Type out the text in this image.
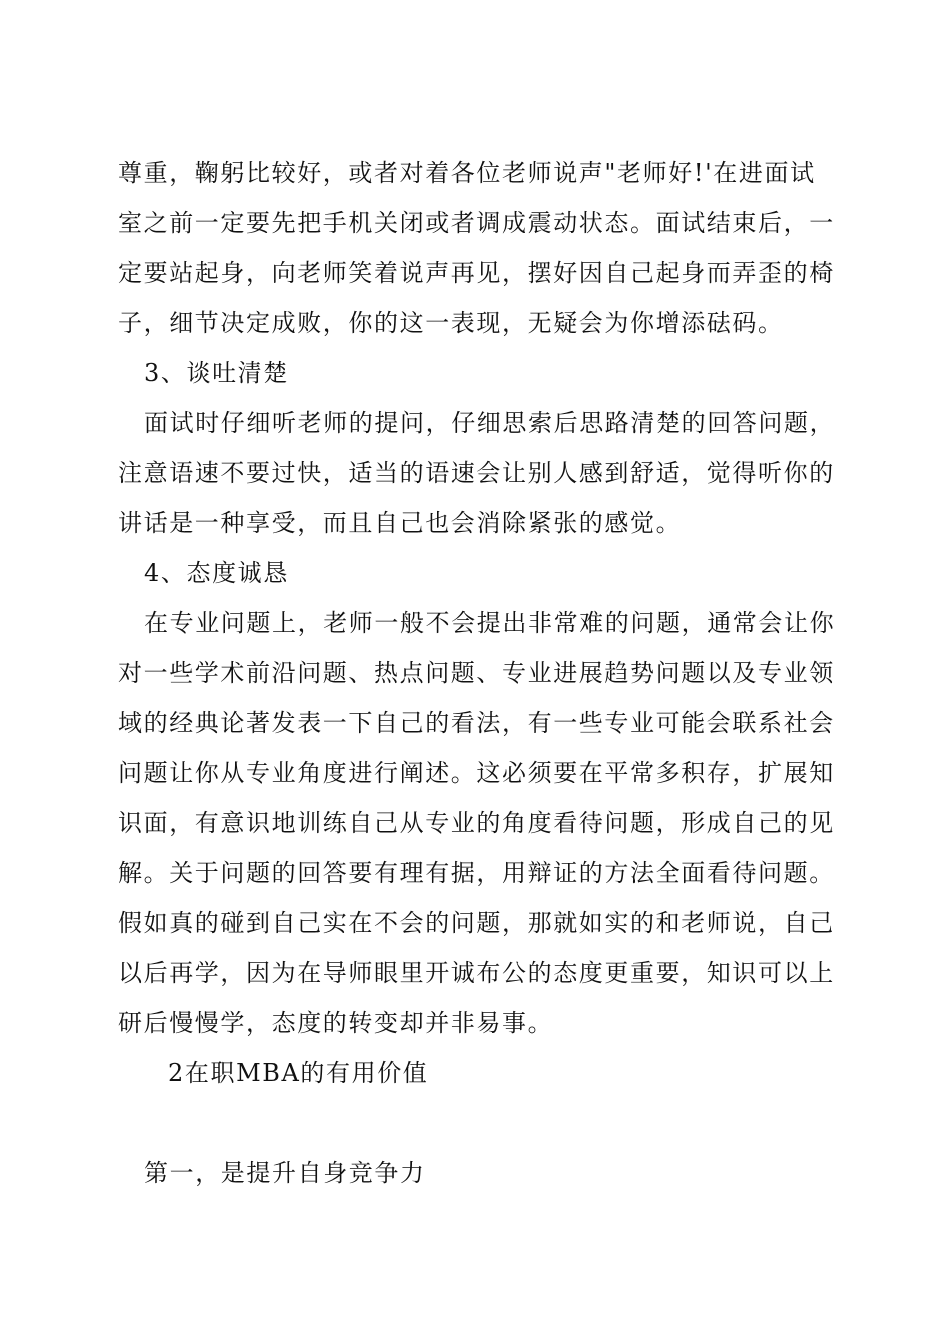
尊重，鞠躬比较好，或者对着各位老师说声"老师好!'在进面试
室之前一定要先把手机关闭或者调成震动状态。面试结束后，一
定要站起身，向老师笑着说声再见，摆好因自己起身而弄歪的椅
子，细节决定成败，你的这一表现，无疑会为你增添砝码。
3、谈吐清楚
面试时仔细听老师的提问，仔细思索后思路清楚的回答问题，
注意语速不要过快，适当的语速会让别人感到舒适，觉得听你的
讲话是一种享受，而且自己也会消除紧张的感觉。
4、态度诚恳
在专业问题上，老师一般不会提出非常难的问题，通常会让你
对一些学术前沿问题、热点问题、专业进展趋势问题以及专业领
域的经典论著发表一下自己的看法，有一些专业可能会联系社会
问题让你从专业角度进行阐述。这必须要在平常多积存，扩展知
识面，有意识地训练自己从专业的角度看待问题，形成自己的见
解。关于问题的回答要有理有据，用辩证的方法全面看待问题。
假如真的碰到自己实在不会的问题，那就如实的和老师说，自己
以后再学，因为在导师眼里开诚布公的态度更重要，知识可以上
研后慢慢学，态度的转变却并非易事。
2在职MBA的有用价值
第一，是提升自身竞争力
